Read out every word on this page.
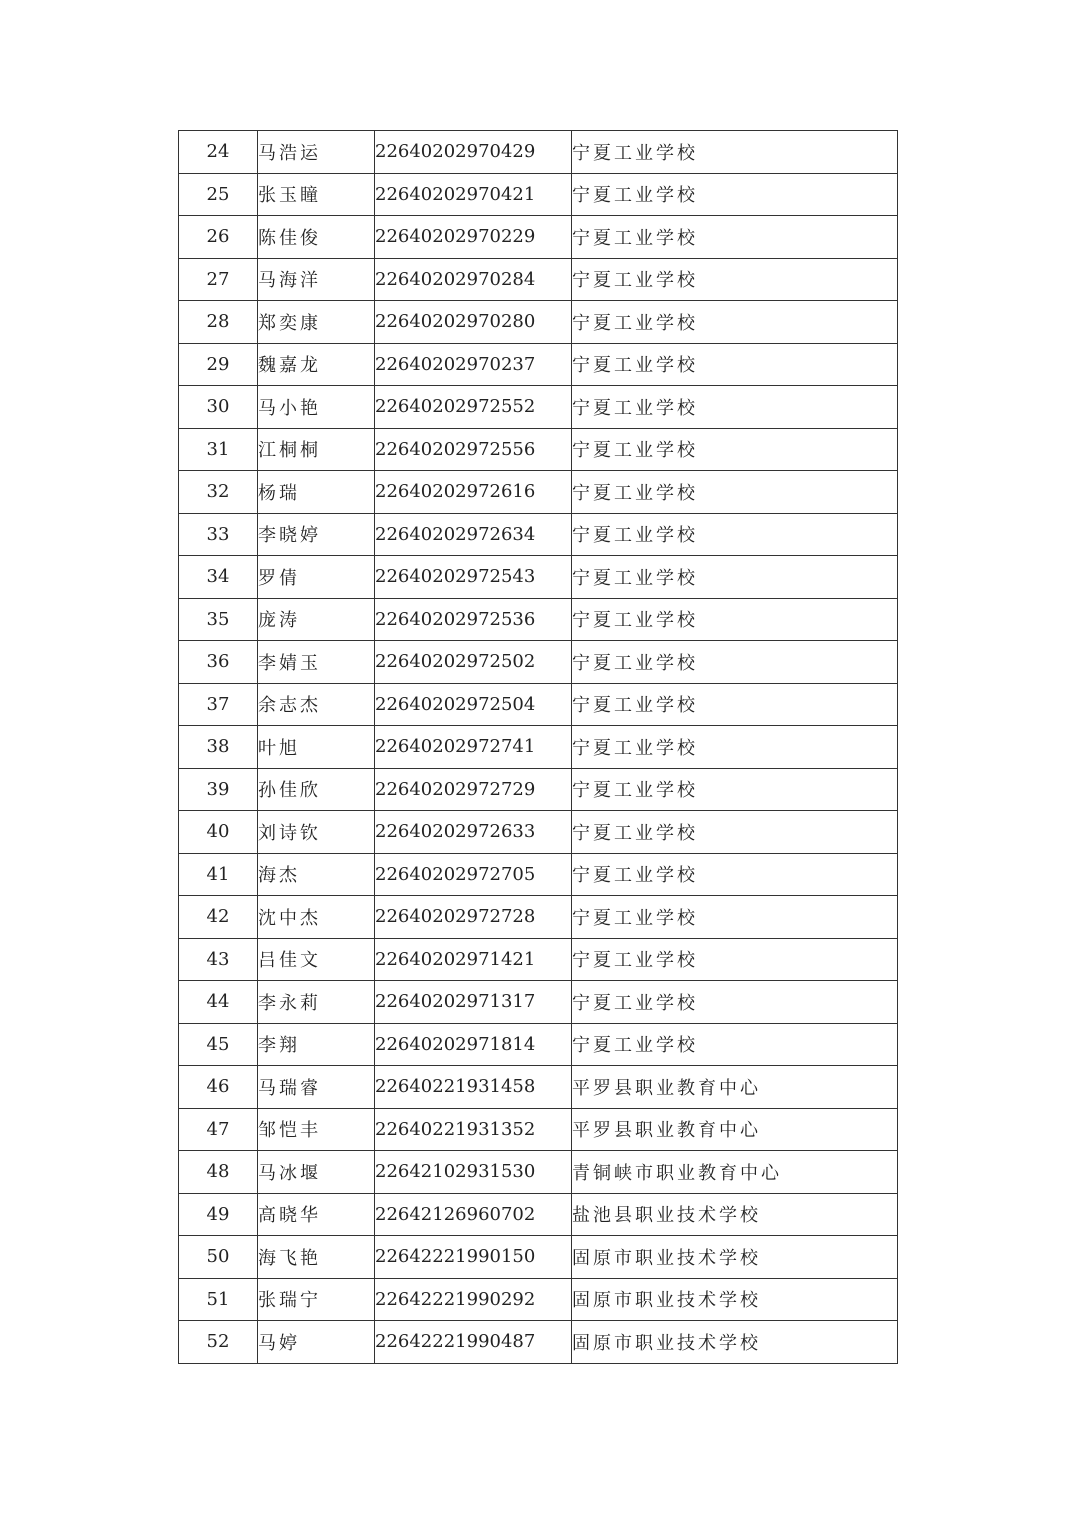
24	马浩运	22640202970429	宁夏工业学校
25	张玉瞳	22640202970421	宁夏工业学校
26	陈佳俊	22640202970229	宁夏工业学校
27	马海洋	22640202970284	宁夏工业学校
28	郑奕康	22640202970280	宁夏工业学校
29	魏嘉龙	22640202970237	宁夏工业学校
30	马小艳	22640202972552	宁夏工业学校
31	江桐桐	22640202972556	宁夏工业学校
32	杨瑞	22640202972616	宁夏工业学校
33	李晓婷	22640202972634	宁夏工业学校
34	罗倩	22640202972543	宁夏工业学校
35	庞涛	22640202972536	宁夏工业学校
36	李婧玉	22640202972502	宁夏工业学校
37	余志杰	22640202972504	宁夏工业学校
38	叶旭	22640202972741	宁夏工业学校
39	孙佳欣	22640202972729	宁夏工业学校
40	刘诗钦	22640202972633	宁夏工业学校
41	海杰	22640202972705	宁夏工业学校
42	沈中杰	22640202972728	宁夏工业学校
43	吕佳文	22640202971421	宁夏工业学校
44	李永莉	22640202971317	宁夏工业学校
45	李翔	22640202971814	宁夏工业学校
46	马瑞睿	22640221931458	平罗县职业教育中心
47	邹恺丰	22640221931352	平罗县职业教育中心
48	马冰堰	22642102931530	青铜峡市职业教育中心
49	高晓华	22642126960702	盐池县职业技术学校
50	海飞艳	22642221990150	固原市职业技术学校
51	张瑞宁	22642221990292	固原市职业技术学校
52	马婷	22642221990487	固原市职业技术学校
